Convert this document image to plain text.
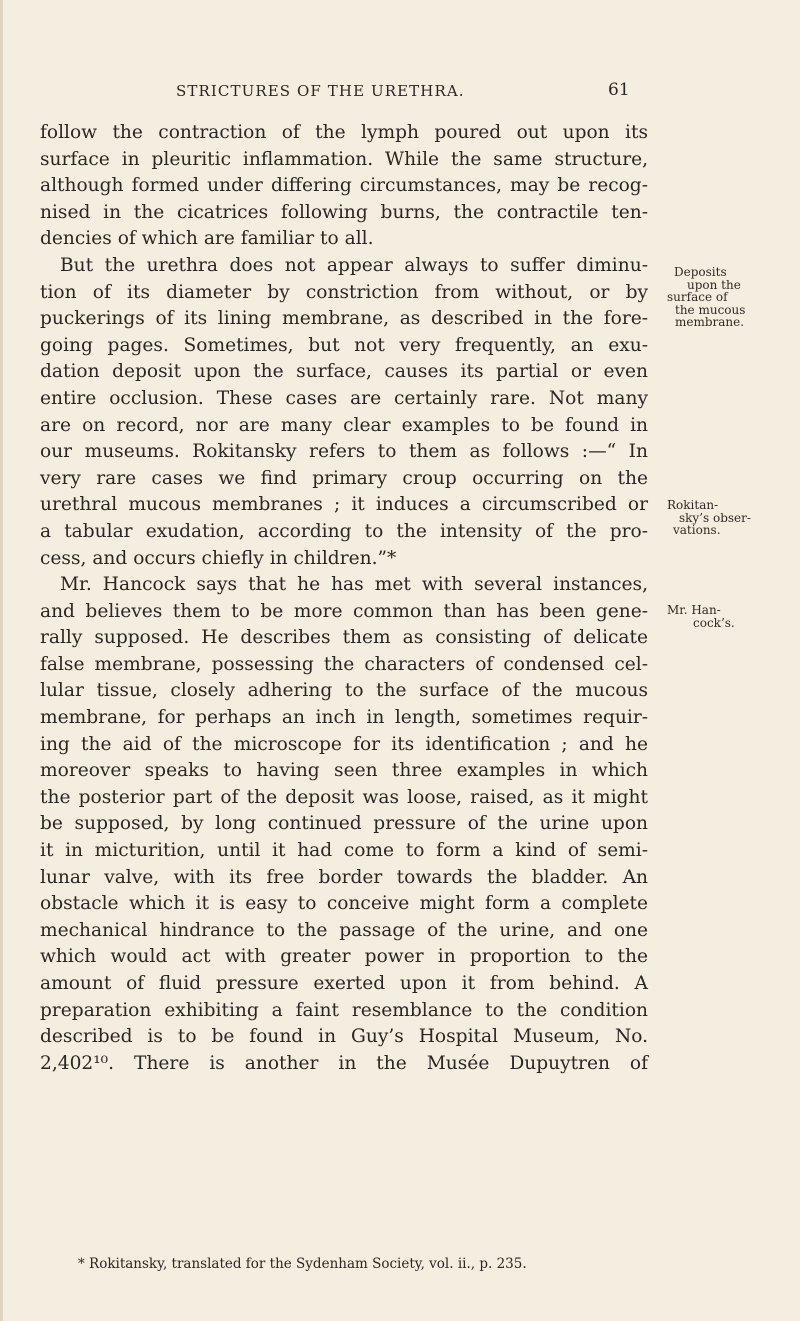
STRICTURES OF THE URETHRA.	61
follow the contraction of the lymph poured out upon its
surface in pleuritic inflammation. While the same structure,
although formed under differing circumstances, may be recog-
nised in the cicatrices following burns, the contractile ten-
dencies of which are familiar to all.
But the urethra does not appear always to suffer diminu-
tion of its diameter by constriction from without, or by
puckerings of its lining membrane, as described in the fore-
going pages. Sometimes, but not very frequently, an exu-
dation deposit upon the surface, causes its partial or even
entire occlusion. These cases are certainly rare. Not many
are on record, nor are many clear examples to be found in
our museums. Rokitansky refers to them as follows :—“ In
very rare cases we find primary croup occurring on the
urethral mucous membranes ; it induces a circumscribed or
a tabular exudation, according to the intensity of the pro-
cess, and occurs chiefly in children.”*
Mr. Hancock says that he has met with several instances,
and believes them to be more common than has been gene-
rally supposed. He describes them as consisting of delicate
false membrane, possessing the characters of condensed cel-
lular tissue, closely adhering to the surface of the mucous
membrane, for perhaps an inch in length, sometimes requir-
ing the aid of the microscope for its identification ; and he
moreover speaks to having seen three examples in which
the posterior part of the deposit was loose, raised, as it might
be supposed, by long continued pressure of the urine upon
it in micturition, until it had come to form a kind of semi-
lunar valve, with its free border towards the bladder. An
obstacle which it is easy to conceive might form a complete
mechanical hindrance to the passage of the urine, and one
which would act with greater power in proportion to the
amount of fluid pressure exerted upon it from behind. A
preparation exhibiting a faint resemblance to the condition
described is to be found in Guy’s Hospital Museum, No.
2,402¹⁰. There is another in the Musée Dupuytren of
Deposits
upon the
surface of
the mucous
membrane.
Rokitan-
sky’s obser-
vations.
Mr. Han-
cock’s.
* Rokitansky, translated for the Sydenham Society, vol. ii., p. 235.
